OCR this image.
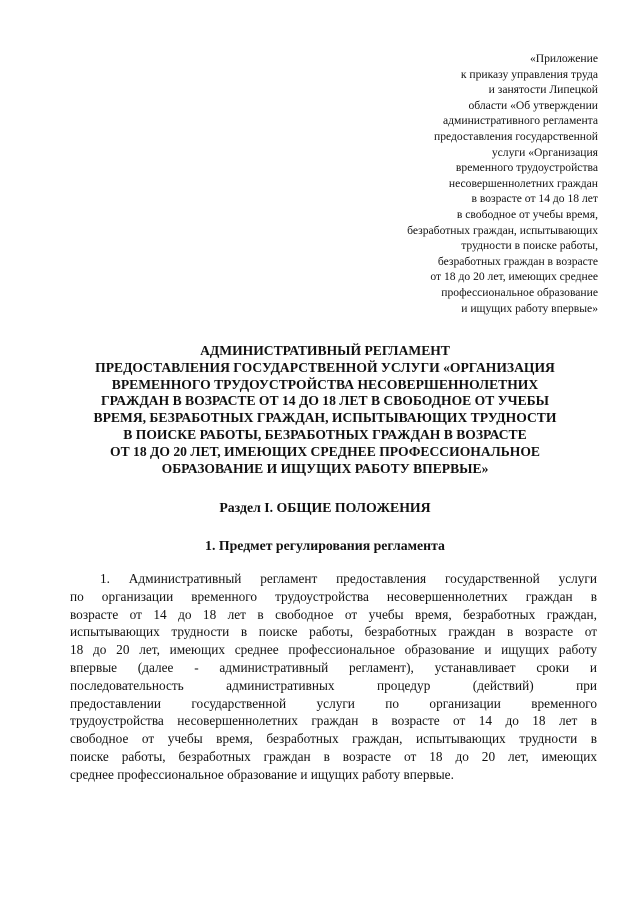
«Приложение
к приказу управления труда
и занятости Липецкой
области «Об утверждении
административного регламента
предоставления государственной
услуги «Организация
временного трудоустройства
несовершеннолетних граждан
в возрасте от 14 до 18 лет
в свободное от учебы время,
безработных граждан, испытывающих
трудности в поиске работы,
безработных граждан в возрасте
от 18 до 20 лет, имеющих среднее
профессиональное образование
и ищущих работу впервые»
АДМИНИСТРАТИВНЫЙ РЕГЛАМЕНТ
ПРЕДОСТАВЛЕНИЯ ГОСУДАРСТВЕННОЙ УСЛУГИ «ОРГАНИЗАЦИЯ
ВРЕМЕННОГО ТРУДОУСТРОЙСТВА НЕСОВЕРШЕННОЛЕТНИХ
ГРАЖДАН В ВОЗРАСТЕ ОТ 14 ДО 18 ЛЕТ В СВОБОДНОЕ ОТ УЧЕБЫ
ВРЕМЯ, БЕЗРАБОТНЫХ ГРАЖДАН, ИСПЫТЫВАЮЩИХ ТРУДНОСТИ
В ПОИСКЕ РАБОТЫ, БЕЗРАБОТНЫХ ГРАЖДАН В ВОЗРАСТЕ
ОТ 18 ДО 20 ЛЕТ, ИМЕЮЩИХ СРЕДНЕЕ ПРОФЕССИОНАЛЬНОЕ
ОБРАЗОВАНИЕ И ИЩУЩИХ РАБОТУ ВПЕРВЫЕ»
Раздел I. ОБЩИЕ ПОЛОЖЕНИЯ
1. Предмет регулирования регламента
1. Административный регламент предоставления государственной услуги
по организации временного трудоустройства несовершеннолетних граждан в
возрасте от 14 до 18 лет в свободное от учебы время, безработных граждан,
испытывающих трудности в поиске работы, безработных граждан в возрасте от
18 до 20 лет, имеющих среднее профессиональное образование и ищущих работу
впервые (далее - административный регламент), устанавливает сроки и
последовательность административных процедур (действий) при
предоставлении государственной услуги по организации временного
трудоустройства несовершеннолетних граждан в возрасте от 14 до 18 лет в
свободное от учебы время, безработных граждан, испытывающих трудности в
поиске работы, безработных граждан в возрасте от 18 до 20 лет, имеющих
среднее профессиональное образование и ищущих работу впервые.
